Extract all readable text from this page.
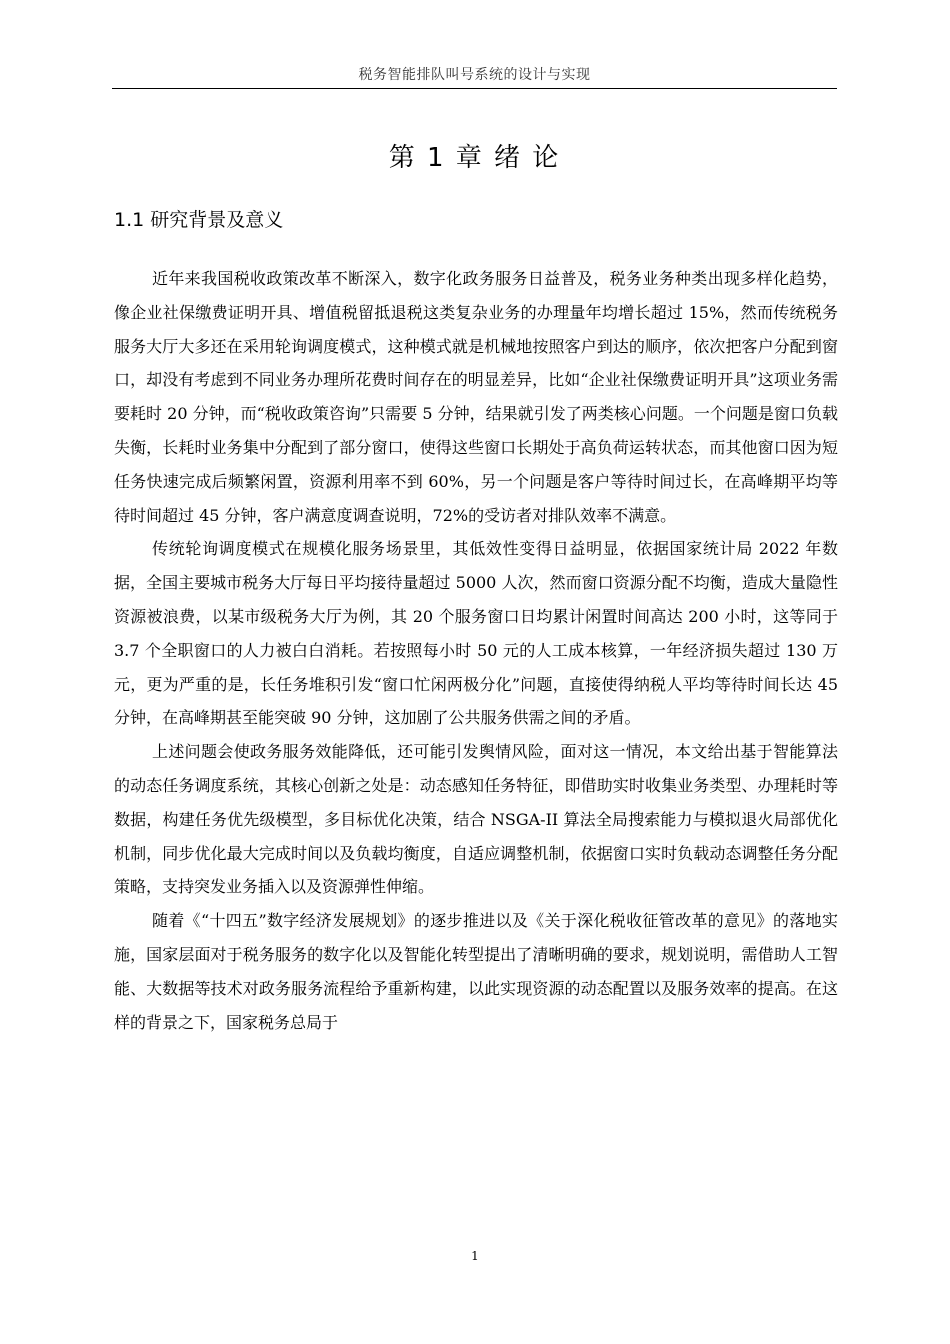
税务智能排队叫号系统的设计与实现
第 1 章 绪 论
1.1 研究背景及意义

近年来我国税收政策改革不断深入，数字化政务服务日益普及，税务业务种类出现多样化趋势，像企业社保缴费证明开具、增值税留抵退税这类复杂业务的办理量年均增长超过 15%，然而传统税务服务大厅大多还在采用轮询调度模式，这种模式就是机械地按照客户到达的顺序，依次把客户分配到窗口，却没有考虑到不同业务办理所花费时间存在的明显差异，比如“企业社保缴费证明开具”这项业务需要耗时 20 分钟，而“税收政策咨询”只需要 5 分钟，结果就引发了两类核心问题。一个问题是窗口负载失衡，长耗时业务集中分配到了部分窗口，使得这些窗口长期处于高负荷运转状态，而其他窗口因为短任务快速完成后频繁闲置，资源利用率不到 60%，另一个问题是客户等待时间过长，在高峰期平均等待时间超过 45 分钟，客户满意度调查说明，72%的受访者对排队效率不满意。

传统轮询调度模式在规模化服务场景里，其低效性变得日益明显，依据国家统计局 2022 年数据，全国主要城市税务大厅每日平均接待量超过 5000 人次，然而窗口资源分配不均衡，造成大量隐性资源被浪费，以某市级税务大厅为例，其 20 个服务窗口日均累计闲置时间高达 200 小时，这等同于 3.7 个全职窗口的人力被白白消耗。若按照每小时 50 元的人工成本核算，一年经济损失超过 130 万元，更为严重的是，长任务堆积引发“窗口忙闲两极分化”问题，直接使得纳税人平均等待时间长达 45 分钟，在高峰期甚至能突破 90 分钟，这加剧了公共服务供需之间的矛盾。

上述问题会使政务服务效能降低，还可能引发舆情风险，面对这一情况，本文给出基于智能算法的动态任务调度系统，其核心创新之处是：动态感知任务特征，即借助实时收集业务类型、办理耗时等数据，构建任务优先级模型，多目标优化决策，结合 NSGA-II 算法全局搜索能力与模拟退火局部优化机制，同步优化最大完成时间以及负载均衡度，自适应调整机制，依据窗口实时负载动态调整任务分配策略，支持突发业务插入以及资源弹性伸缩。

随着《“十四五”数字经济发展规划》的逐步推进以及《关于深化税收征管改革的意见》的落地实施，国家层面对于税务服务的数字化以及智能化转型提出了清晰明确的要求，规划说明，需借助人工智能、大数据等技术对政务服务流程给予重新构建，以此实现资源的动态配置以及服务效率的提高。在这样的背景之下，国家税务总局于

1
